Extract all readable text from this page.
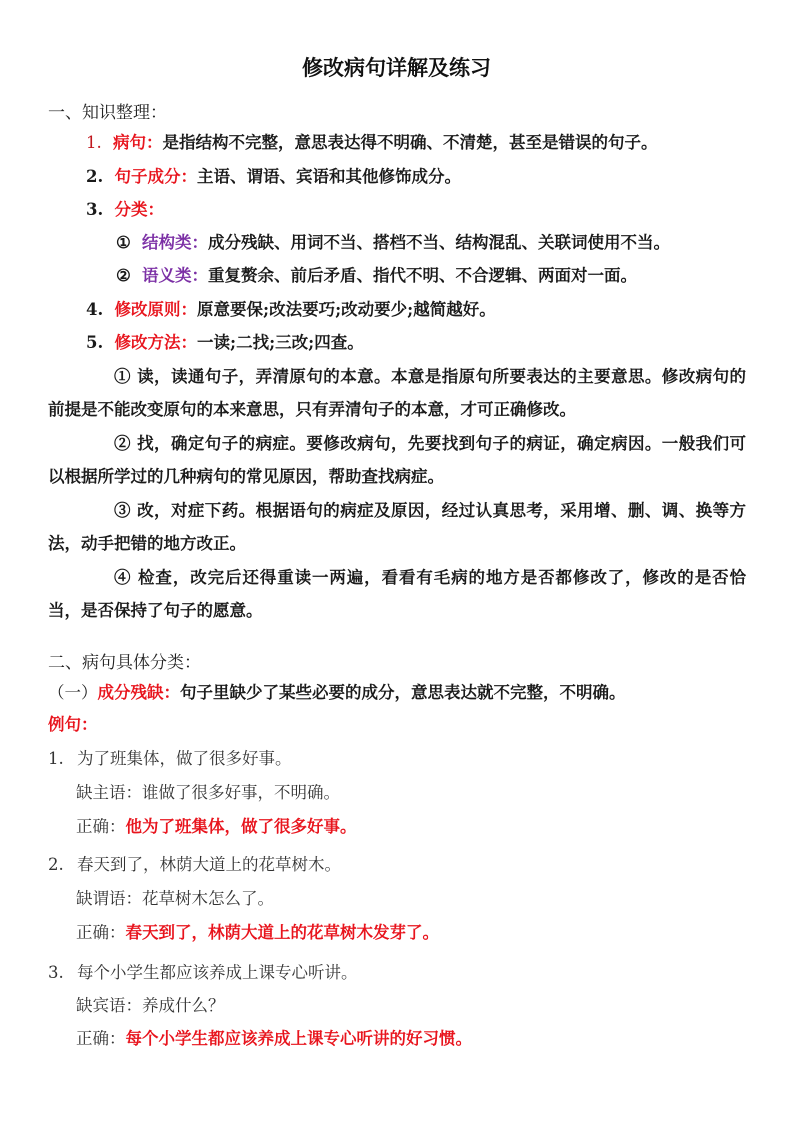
修改病句详解及练习
一、知识整理：
1. 病句：是指结构不完整，意思表达得不明确、不清楚，甚至是错误的句子。
2. 句子成分：主语、谓语、宾语和其他修饰成分。
3. 分类：
① 结构类：成分残缺、用词不当、搭档不当、结构混乱、关联词使用不当。
② 语义类：重复赘余、前后矛盾、指代不明、不合逻辑、两面对一面。
4. 修改原则：原意要保;改法要巧;改动要少;越简越好。
5. 修改方法：一读;二找;三改;四查。
① 读，读通句子，弄清原句的本意。本意是指原句所要表达的主要意思。修改病句的前提是不能改变原句的本来意思，只有弄清句子的本意，才可正确修改。
② 找，确定句子的病症。要修改病句，先要找到句子的病证，确定病因。一般我们可以根据所学过的几种病句的常见原因，帮助查找病症。
③ 改，对症下药。根据语句的病症及原因，经过认真思考，采用增、删、调、换等方法，动手把错的地方改正。
④ 检查，改完后还得重读一两遍，看看有毛病的地方是否都修改了，修改的是否恰当，是否保持了句子的愿意。
二、病句具体分类：
（一）成分残缺：句子里缺少了某些必要的成分，意思表达就不完整，不明确。
例句：
1. 为了班集体，做了很多好事。
缺主语：谁做了很多好事，不明确。
正确：他为了班集体，做了很多好事。
2. 春天到了，林荫大道上的花草树木。
缺谓语：花草树木怎么了。
正确：春天到了，林荫大道上的花草树木发芽了。
3. 每个小学生都应该养成上课专心听讲。
缺宾语：养成什么？
正确：每个小学生都应该养成上课专心听讲的好习惯。
